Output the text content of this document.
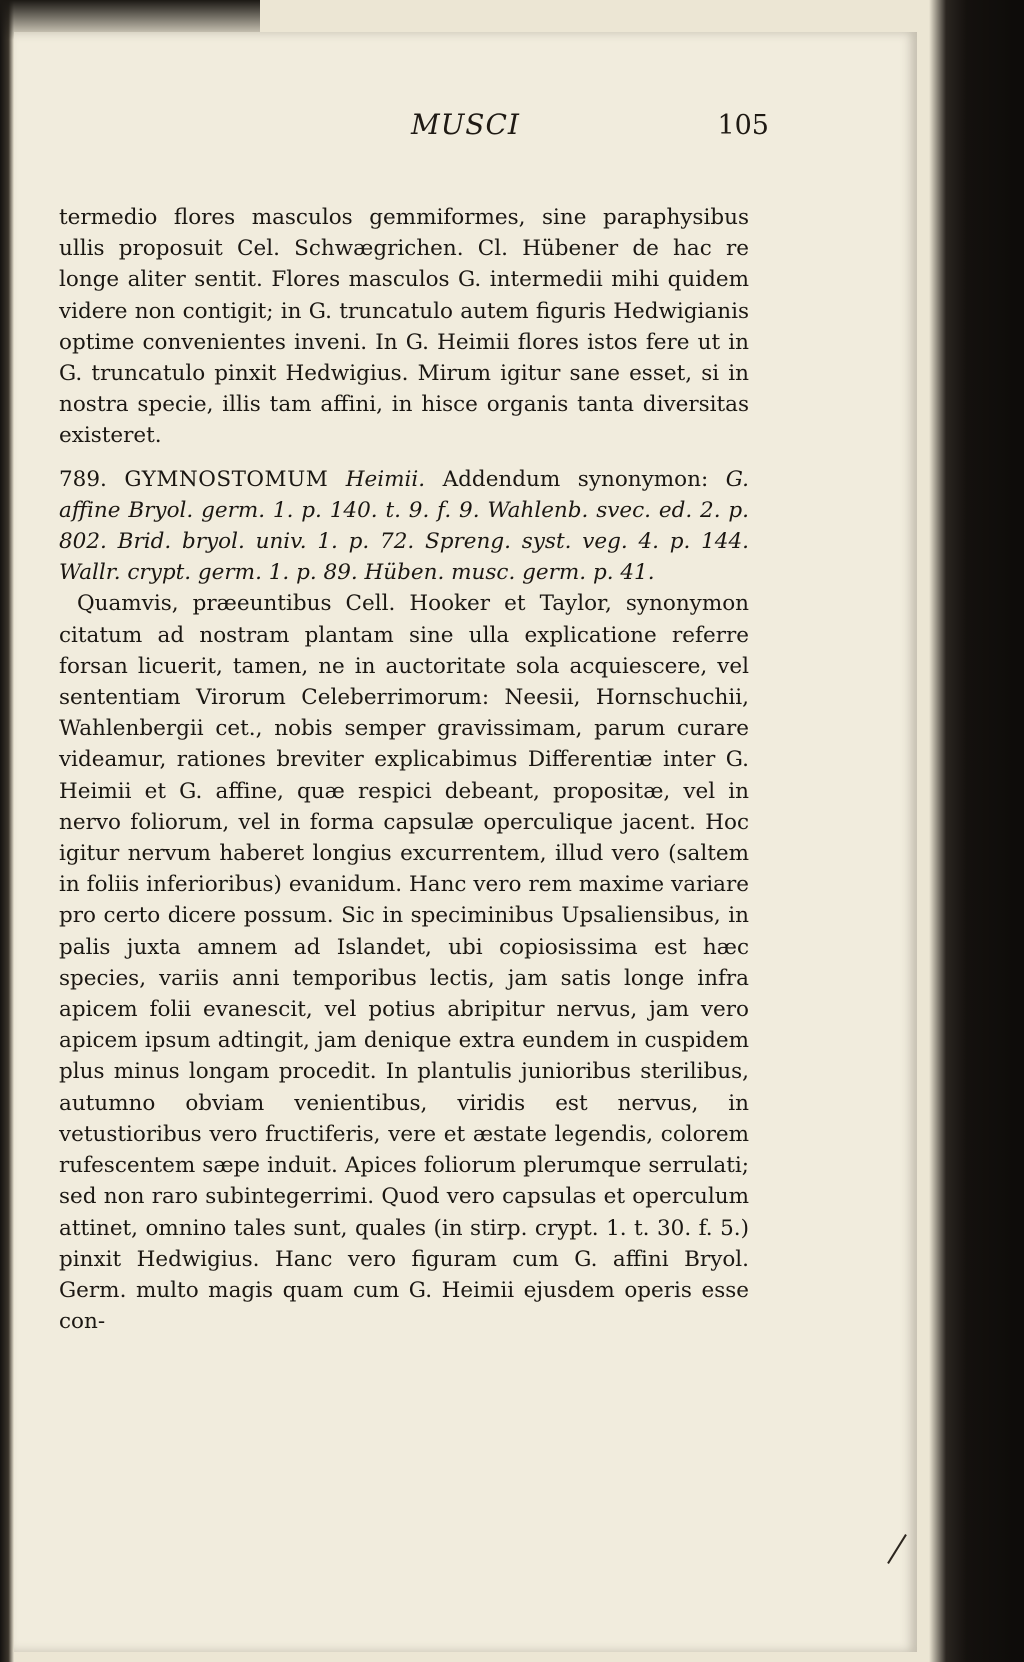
MUSCI	105

termedio flores masculos gemmiformes, sine paraphysibus ullis proposuit Cel. Schwægrichen. Cl. Hübener de hac re longe aliter sentit. Flores masculos G. intermedii mihi quidem videre non contigit; in G. truncatulo autem figuris Hedwigianis optime convenientes inveni. In G. Heimii flores istos fere ut in G. truncatulo pinxit Hedwigius. Mirum igitur sane esset, si in nostra specie, illis tam affini, in hisce organis tanta diversitas existeret.

789. GYMNOSTOMUM Heimii. Addendum synonymon: G. affine Bryol. germ. 1. p. 140. t. 9. f. 9. Wahlenb. svec. ed. 2. p. 802. Brid. bryol. univ. 1. p. 72. Spreng. syst. veg. 4. p. 144. Wallr. crypt. germ. 1. p. 89. Hüben. musc. germ. p. 41.

Quamvis, præeuntibus Cell. Hooker et Taylor, synonymon citatum ad nostram plantam sine ulla explicatione referre forsan licuerit, tamen, ne in auctoritate sola acquiescere, vel sententiam Virorum Celeberrimorum: Neesii, Hornschuchii, Wahlenbergii cet., nobis semper gravissimam, parum curare videamur, rationes breviter explicabimus Differentiæ inter G. Heimii et G. affine, quæ respici debeant, propositæ, vel in nervo foliorum, vel in forma capsulæ operculique jacent. Hoc igitur nervum haberet longius excurrentem, illud vero (saltem in foliis inferioribus) evanidum. Hanc vero rem maxime variare pro certo dicere possum. Sic in speciminibus Upsaliensibus, in palis juxta amnem ad Islandet, ubi copiosissima est hæc species, variis anni temporibus lectis, jam satis longe infra apicem folii evanescit, vel potius abripitur nervus, jam vero apicem ipsum adtingit, jam denique extra eundem in cuspidem plus minus longam procedit. In plantulis junioribus sterilibus, autumno obviam venientibus, viridis est nervus, in vetustioribus vero fructiferis, vere et æstate legendis, colorem rufescentem sæpe induit. Apices foliorum plerumque serrulati; sed non raro subintegerrimi. Quod vero capsulas et operculum attinet, omnino tales sunt, quales (in stirp. crypt. 1. t. 30. f. 5.) pinxit Hedwigius. Hanc vero figuram cum G. affini Bryol. Germ. multo magis quam cum G. Heimii ejusdem operis esse con-
